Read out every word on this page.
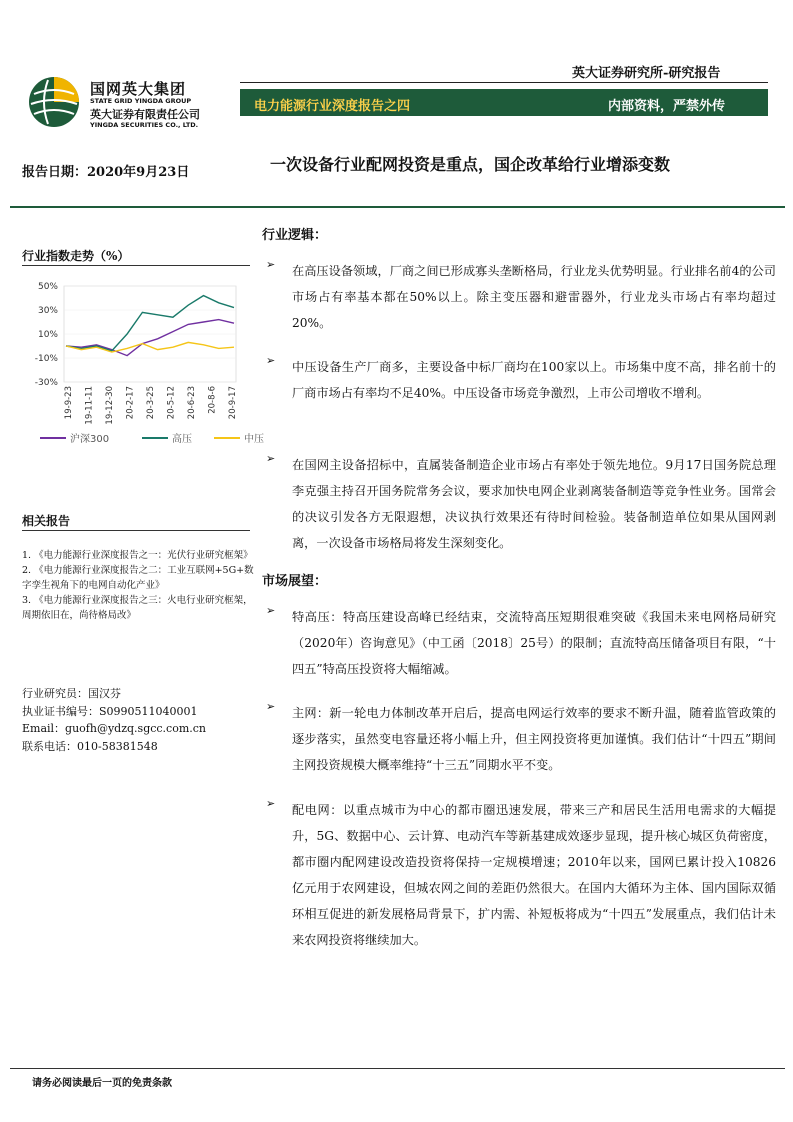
英大证券研究所-研究报告
国网英大集团
STATE GRID YINGDA GROUP
英大证券有限责任公司
YINGDA SECURITIES CO., LTD.
电力能源行业深度报告之四	内部资料，严禁外传
报告日期：2020年9月23日	一次设备行业配网投资是重点，国企改革给行业增添变数
行业指数走势（%）
50%
30%
10%
-10%
-30%
19-9-23 19-11-11 19-12-30 20-2-17 20-3-25 20-5-12 20-6-23 20-8-6 20-9-17
沪深300	高压	中压
相关报告
1. 《电力能源行业深度报告之一：光伏行业研究框架》
2. 《电力能源行业深度报告之二：工业互联网+5G+数字孪生视角下的电网自动化产业》
3. 《电力能源行业深度报告之三：火电行业研究框架，周期依旧在，尚待格局改》
行业研究员：国汉芬
执业证书编号：S0990511040001
Email：guofh@ydzq.sgcc.com.cn
联系电话：010-58381548
行业逻辑：
➢ 在高压设备领域，厂商之间已形成寡头垄断格局，行业龙头优势明显。行业排名前4的公司市场占有率基本都在50%以上。除主变压器和避雷器外，行业龙头市场占有率均超过20%。

➢ 中压设备生产厂商多，主要设备中标厂商均在100家以上。市场集中度不高，排名前十的厂商市场占有率均不足40%。中压设备市场竞争激烈，上市公司增收不增利。

➢ 在国网主设备招标中，直属装备制造企业市场占有率处于领先地位。9月17日国务院总理李克强主持召开国务院常务会议，要求加快电网企业剥离装备制造等竞争性业务。国常会的决议引发各方无限遐想，决议执行效果还有待时间检验。装备制造单位如果从国网剥离，一次设备市场格局将发生深刻变化。

市场展望：
➢ 特高压：特高压建设高峰已经结束，交流特高压短期很难突破《我国未来电网格局研究（2020年）咨询意见》（中工函〔2018〕25号）的限制；直流特高压储备项目有限，“十四五”特高压投资将大幅缩减。

➢ 主网：新一轮电力体制改革开启后，提高电网运行效率的要求不断升温，随着监管政策的逐步落实，虽然变电容量还将小幅上升，但主网投资将更加谨慎。我们估计“十四五”期间主网投资规模大概率维持“十三五”同期水平不变。

➢ 配电网：以重点城市为中心的都市圈迅速发展，带来三产和居民生活用电需求的大幅提升，5G、数据中心、云计算、电动汽车等新基建成效逐步显现，提升核心城区负荷密度，都市圈内配网建设改造投资将保持一定规模增速；2010年以来，国网已累计投入10826亿元用于农网建设，但城农网之间的差距仍然很大。在国内大循环为主体、国内国际双循环相互促进的新发展格局背景下，扩内需、补短板将成为“十四五”发展重点，我们估计未来农网投资将继续加大。

请务必阅读最后一页的免责条款
